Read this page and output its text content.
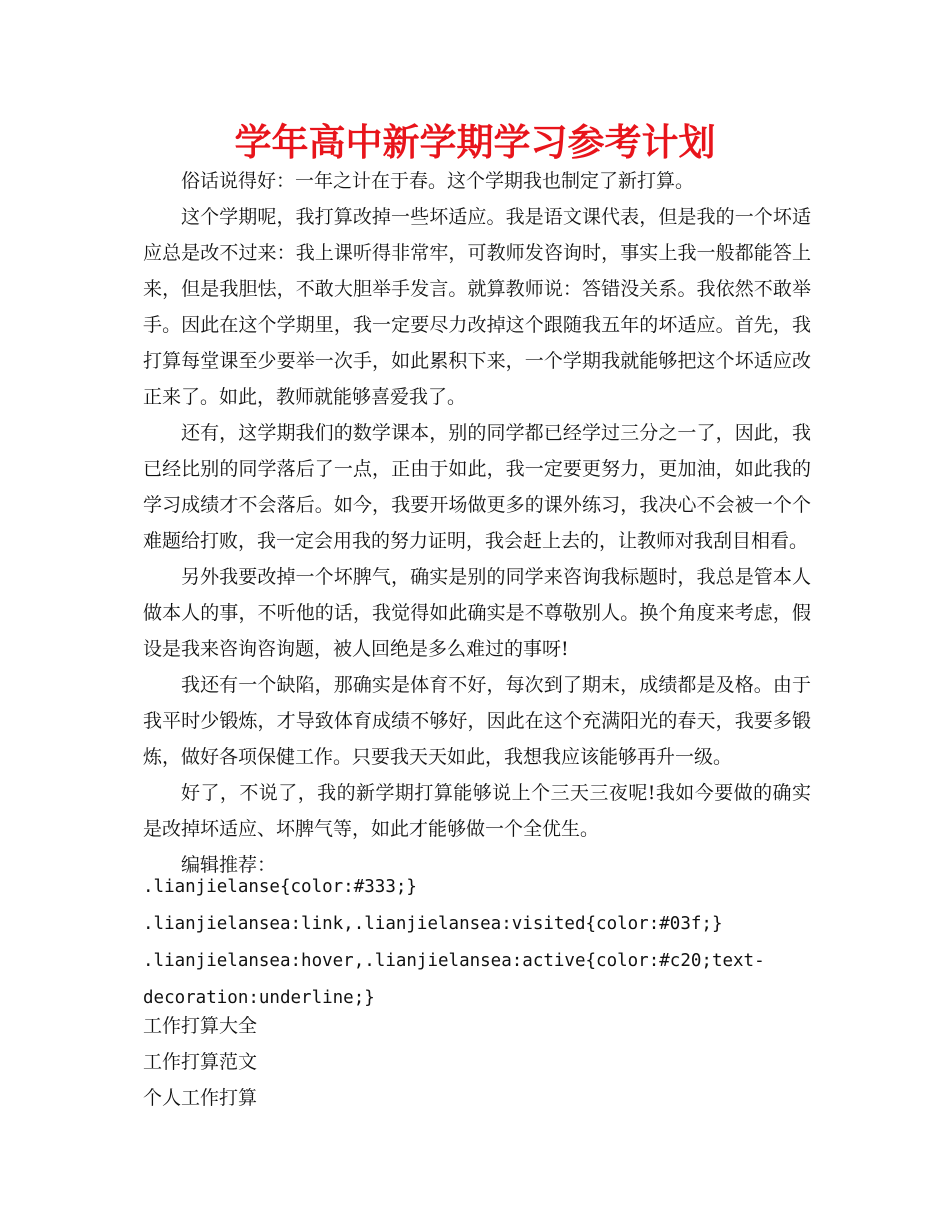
学年高中新学期学习参考计划

俗话说得好：一年之计在于春。这个学期我也制定了新打算。

这个学期呢，我打算改掉一些坏适应。我是语文课代表，但是我的一个坏适应总是改不过来：我上课听得非常牢，可教师发咨询时，事实上我一般都能答上来，但是我胆怯，不敢大胆举手发言。就算教师说：答错没关系。我依然不敢举手。因此在这个学期里，我一定要尽力改掉这个跟随我五年的坏适应。首先，我打算每堂课至少要举一次手，如此累积下来，一个学期我就能够把这个坏适应改正来了。如此，教师就能够喜爱我了。

还有，这学期我们的数学课本，别的同学都已经学过三分之一了，因此，我已经比别的同学落后了一点，正由于如此，我一定要更努力，更加油，如此我的学习成绩才不会落后。如今，我要开场做更多的课外练习，我决心不会被一个个难题给打败，我一定会用我的努力证明，我会赶上去的，让教师对我刮目相看。

另外我要改掉一个坏脾气，确实是别的同学来咨询我标题时，我总是管本人做本人的事，不听他的话，我觉得如此确实是不尊敬别人。换个角度来考虑，假设是我来咨询咨询题，被人回绝是多么难过的事呀!

我还有一个缺陷，那确实是体育不好，每次到了期末，成绩都是及格。由于我平时少锻炼，才导致体育成绩不够好，因此在这个充满阳光的春天，我要多锻炼，做好各项保健工作。只要我天天如此，我想我应该能够再升一级。

好了，不说了，我的新学期打算能够说上个三天三夜呢!我如今要做的确实是改掉坏适应、坏脾气等，如此才能够做一个全优生。

编辑推荐：

.lianjielanse{color:#333;}

.lianjielansea:link,.lianjielansea:visited{color:#03f;}

.lianjielansea:hover,.lianjielansea:active{color:#c20;text-

decoration:underline;}

工作打算大全

工作打算范文

个人工作打算
